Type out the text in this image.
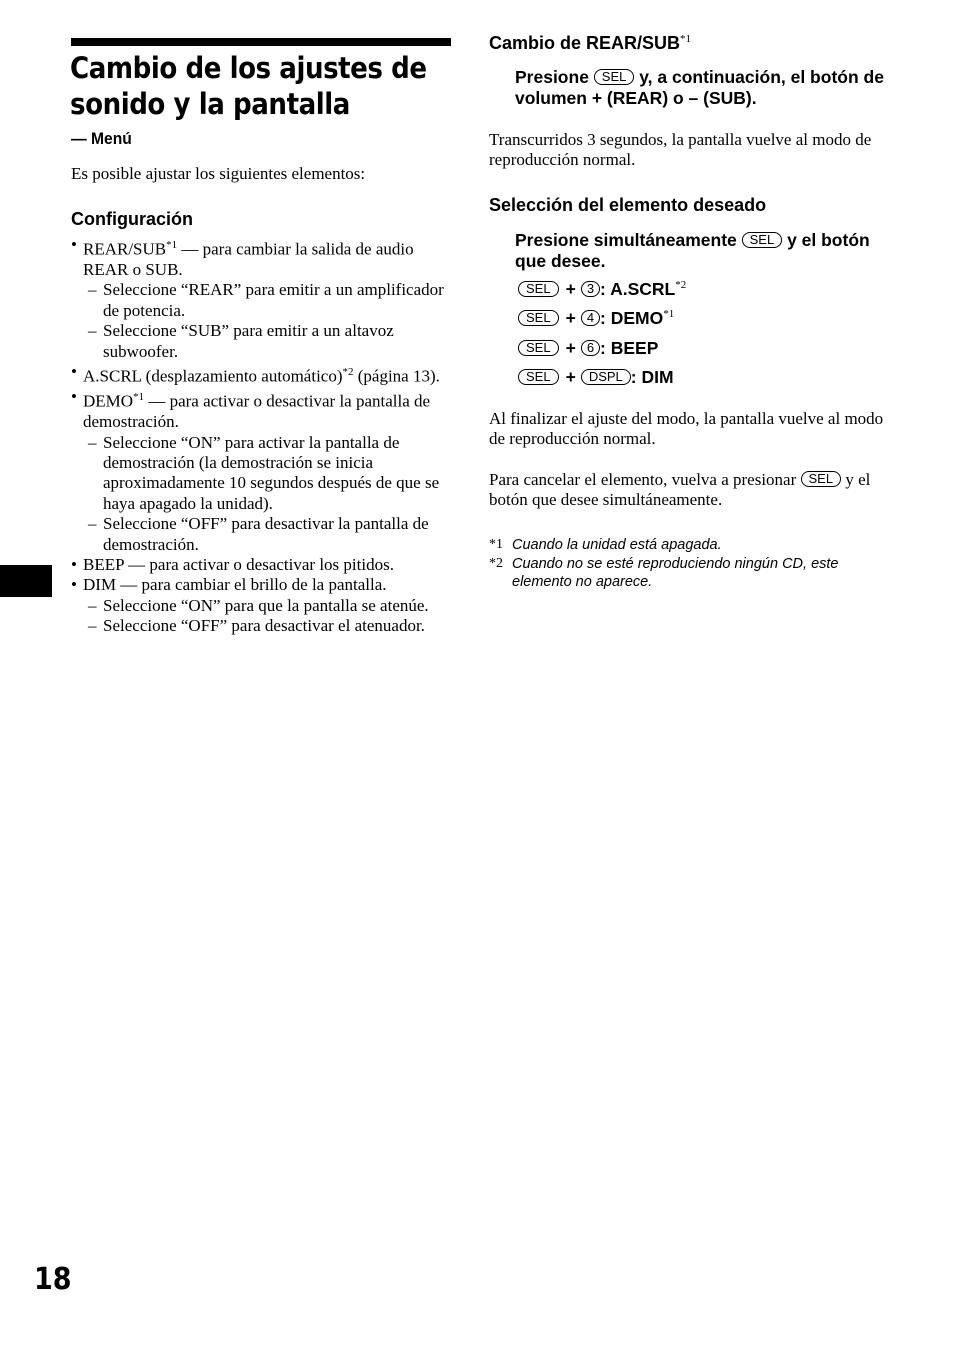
Cambio de los ajustes de sonido y la pantalla
— Menú
Es posible ajustar los siguientes elementos:
Configuración
• REAR/SUB$^{*1}$ — para cambiar la salida de audio REAR o SUB.
– Seleccione “REAR” para emitir a un amplificador de potencia.
– Seleccione “SUB” para emitir a un altavoz subwoofer.
• A.SCRL (desplazamiento automático)$^{*2}$ (página 13).
• DEMO$^{*1}$ — para activar o desactivar la pantalla de demostración.
– Seleccione “ON” para activar la pantalla de demostración (la demostración se inicia aproximadamente 10 segundos después de que se haya apagado la unidad).
– Seleccione “OFF” para desactivar la pantalla de demostración.
• BEEP — para activar o desactivar los pitidos.
• DIM — para cambiar el brillo de la pantalla.
– Seleccione “ON” para que la pantalla se atenúe.
– Seleccione “OFF” para desactivar el atenuador.
18
Cambio de REAR/SUB$^{*1}$
Presione SEL y, a continuación, el botón de volumen + (REAR) o – (SUB).
Transcurridos 3 segundos, la pantalla vuelve al modo de reproducción normal.
Selección del elemento deseado
Presione simultáneamente SEL y el botón que desee.
SEL + 3 : A.SCRL$^{*2}$
SEL + 4 : DEMO$^{*1}$
SEL + 6 : BEEP
SEL + DSPL : DIM
Al finalizar el ajuste del modo, la pantalla vuelve al modo de reproducción normal.
Para cancelar el elemento, vuelva a presionar SEL y el botón que desee simultáneamente.
*1 Cuando la unidad está apagada.
*2 Cuando no se esté reproduciendo ningún CD, este elemento no aparece.
